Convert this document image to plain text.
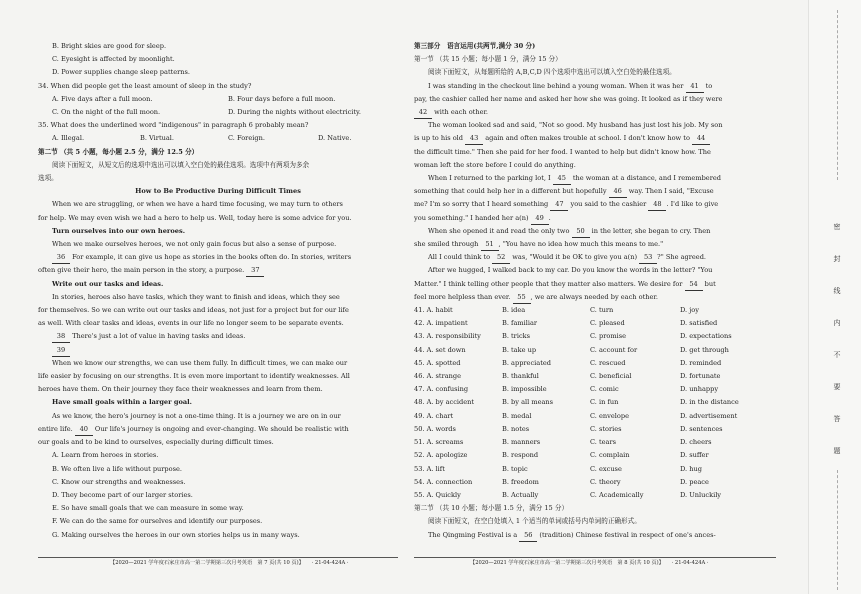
B. Bright skies are good for sleep.
C. Eyesight is affected by moonlight.
D. Power supplies change sleep patterns.
34. When did people get the least amount of sleep in the study?
A. Five days after a full moon.	B. Four days before a full moon.
C. On the night of the full moon.	D. During the nights without electricity.
35. What does the underlined word "indigenous" in paragraph 6 probably mean?
A. Illegal.	B. Virtual.	C. Foreign.	D. Native.
第二节 （共 5 小题，每小题 2.5 分，满分 12.5 分）
阅读下面短文，从短文后的选项中选出可以填入空白处的最佳选项。选项中有两项为多余
选项。
How to Be Productive During Difficult Times
When we are struggling, or when we have a hard time focusing, we may turn to others
for help. We may even wish we had a hero to help us. Well, today here is some advice for you.
Turn ourselves into our own heroes.
When we make ourselves heroes, we not only gain focus but also a sense of purpose.
36 For example, it can give us hope as stories in the books often do. In stories, writers
often give their hero, the main person in the story, a purpose. 37
Write out our tasks and ideas.
In stories, heroes also have tasks, which they want to finish and ideas, which they see
for themselves. So we can write out our tasks and ideas, not just for a project but for our life
as well. With clear tasks and ideas, events in our life no longer seem to be separate events.
38 There's just a lot of value in having tasks and ideas.
39
When we know our strengths, we can use them fully. In difficult times, we can make our
life easier by focusing on our strengths. It is even more important to identify weaknesses. All
heroes have them. On their journey they face their weaknesses and learn from them.
Have small goals within a larger goal.
As we know, the hero's journey is not a one-time thing. It is a journey we are on in our
entire life. 40 Our life's journey is ongoing and ever-changing. We should be realistic with
our goals and to be kind to ourselves, especially during difficult times.
A. Learn from heroes in stories.
B. We often live a life without purpose.
C. Know our strengths and weaknesses.
D. They become part of our larger stories.
E. So have small goals that we can measure in some way.
F. We can do the same for ourselves and identify our purposes.
G. Making ourselves the heroes in our own stories helps us in many ways.
第三部分　语言运用(共两节,满分 30 分)
第一节 （共 15 小题；每小题 1 分，满分 15 分）
阅读下面短文，从每题所给的 A,B,C,D 四个选项中选出可以填入空白处的最佳选项。
I was standing in the checkout line behind a young woman. When it was her 41 to
pay, the cashier called her name and asked her how she was going. It looked as if they were
42 with each other.
The woman looked sad and said, "Not so good. My husband has just lost his job. My son
is up to his old 43 again and often makes trouble at school. I don't know how to 44
the difficult time." Then she paid for her food. I wanted to help but didn't know how. The
woman left the store before I could do anything.
When I returned to the parking lot, I 45 the woman at a distance, and I remembered
something that could help her in a different but hopefully 46 way. Then I said, "Excuse
me? I'm so sorry that I heard something 47 you said to the cashier 48 . I'd like to give
you something." I handed her a(n) 49 .
When she opened it and read the only two 50 in the letter, she began to cry. Then
she smiled through 51 , "You have no idea how much this means to me."
All I could think to 52 was, "Would it be OK to give you a(n) 53 ?" She agreed.
After we hugged, I walked back to my car. Do you know the words in the letter? "You
Matter." I think telling other people that they matter also matters. We desire for 54 but
feel more helpless than ever. 55 , we are always needed by each other.
41. A. habit	B. idea	C. turn	D. joy
42. A. impatient	B. familiar	C. pleased	D. satisfied
43. A. responsibility	B. tricks	C. promise	D. expectations
44. A. set down	B. take up	C. account for	D. get through
45. A. spotted	B. appreciated	C. rescued	D. reminded
46. A. strange	B. thankful	C. beneficial	D. fortunate
47. A. confusing	B. impossible	C. comic	D. unhappy
48. A. by accident	B. by all means	C. in fun	D. in the distance
49. A. chart	B. medal	C. envelope	D. advertisement
50. A. words	B. notes	C. stories	D. sentences
51. A. screams	B. manners	C. tears	D. cheers
52. A. apologize	B. respond	C. complain	D. suffer
53. A. lift	B. topic	C. excuse	D. hug
54. A. connection	B. freedom	C. theory	D. peace
55. A. Quickly	B. Actually	C. Academically	D. Unluckily
第二节 （共 10 小题；每小题 1.5 分，满分 15 分）
阅读下面短文，在空白处填入 1 个适当的单词或括号内单词的正确形式。
The Qingming Festival is a 56 (tradition) Chinese festival in respect of one's ances-
【2020—2021 学年度石家庄市高一第二学期第三次月考英语　第 7 页(共 10 页)】　　· 21-04-424A ·	【2020—2021 学年度石家庄市高一第二学期第三次月考英语　第 8 页(共 10 页)】　　· 21-04-424A ·
密
封
线
内
不
要
答
题
